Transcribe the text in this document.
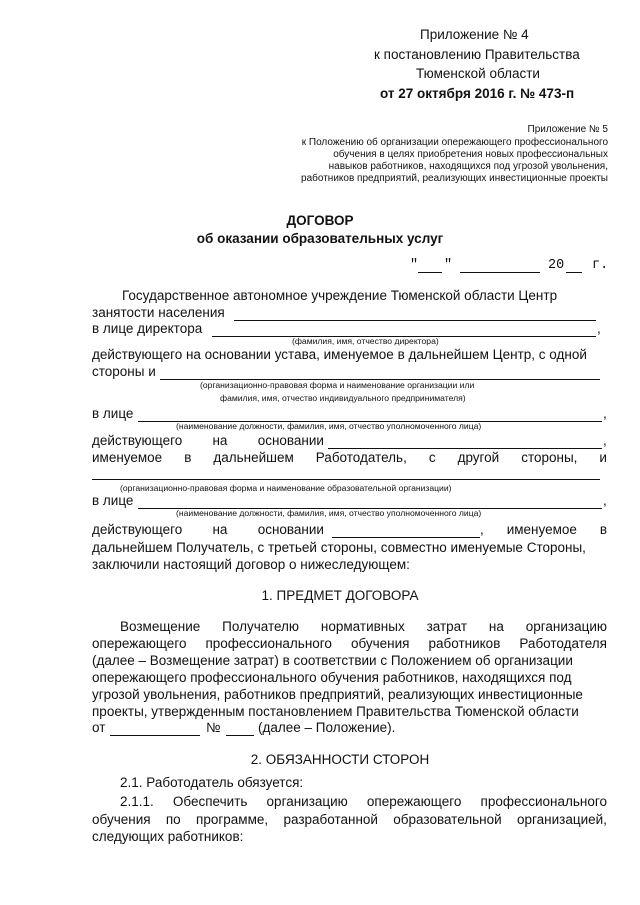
Приложение № 4
к постановлению Правительства
Тюменской области
от 27 октября 2016 г. № 473-п
Приложение № 5
к Положению об организации опережающего профессионального
обучения в целях приобретения новых профессиональных
навыков работников, находящихся под угрозой увольнения,
работников предприятий, реализующих инвестиционные проекты
ДОГОВОР
об оказании образовательных услуг
" "	20 г.
Государственное автономное учреждение Тюменской области Центр
занятости населения
в лице директора	,
(фамилия, имя, отчество директора)
действующего на основании устава, именуемое в дальнейшем Центр, с одной
стороны и
(организационно-правовая форма и наименование организации или
фамилия, имя, отчество индивидуального предпринимателя)
в лице	,
(наименование должности, фамилия, имя, отчество уполномоченного лица)
действующего на основании	,
именуемое в дальнейшем Работодатель, с другой стороны, и
(организационно-правовая форма и наименование образовательной организации)
в лице	,
(наименование должности, фамилия, имя, отчество уполномоченного лица)
действующего на основании	, именуемое в
дальнейшем Получатель, с третьей стороны, совместно именуемые Стороны,
заключили настоящий договор о нижеследующем:
1. ПРЕДМЕТ ДОГОВОРА
Возмещение Получателю нормативных затрат на организацию
опережающего профессионального обучения работников Работодателя
(далее – Возмещение затрат) в соответствии с Положением об организации
опережающего профессионального обучения работников, находящихся под
угрозой увольнения, работников предприятий, реализующих инвестиционные
проекты, утвержденным постановлением Правительства Тюменской области
от	№	(далее – Положение).
2. ОБЯЗАННОСТИ СТОРОН
2.1. Работодатель обязуется:
2.1.1. Обеспечить организацию опережающего профессионального
обучения по программе, разработанной образовательной организацией,
следующих работников:
